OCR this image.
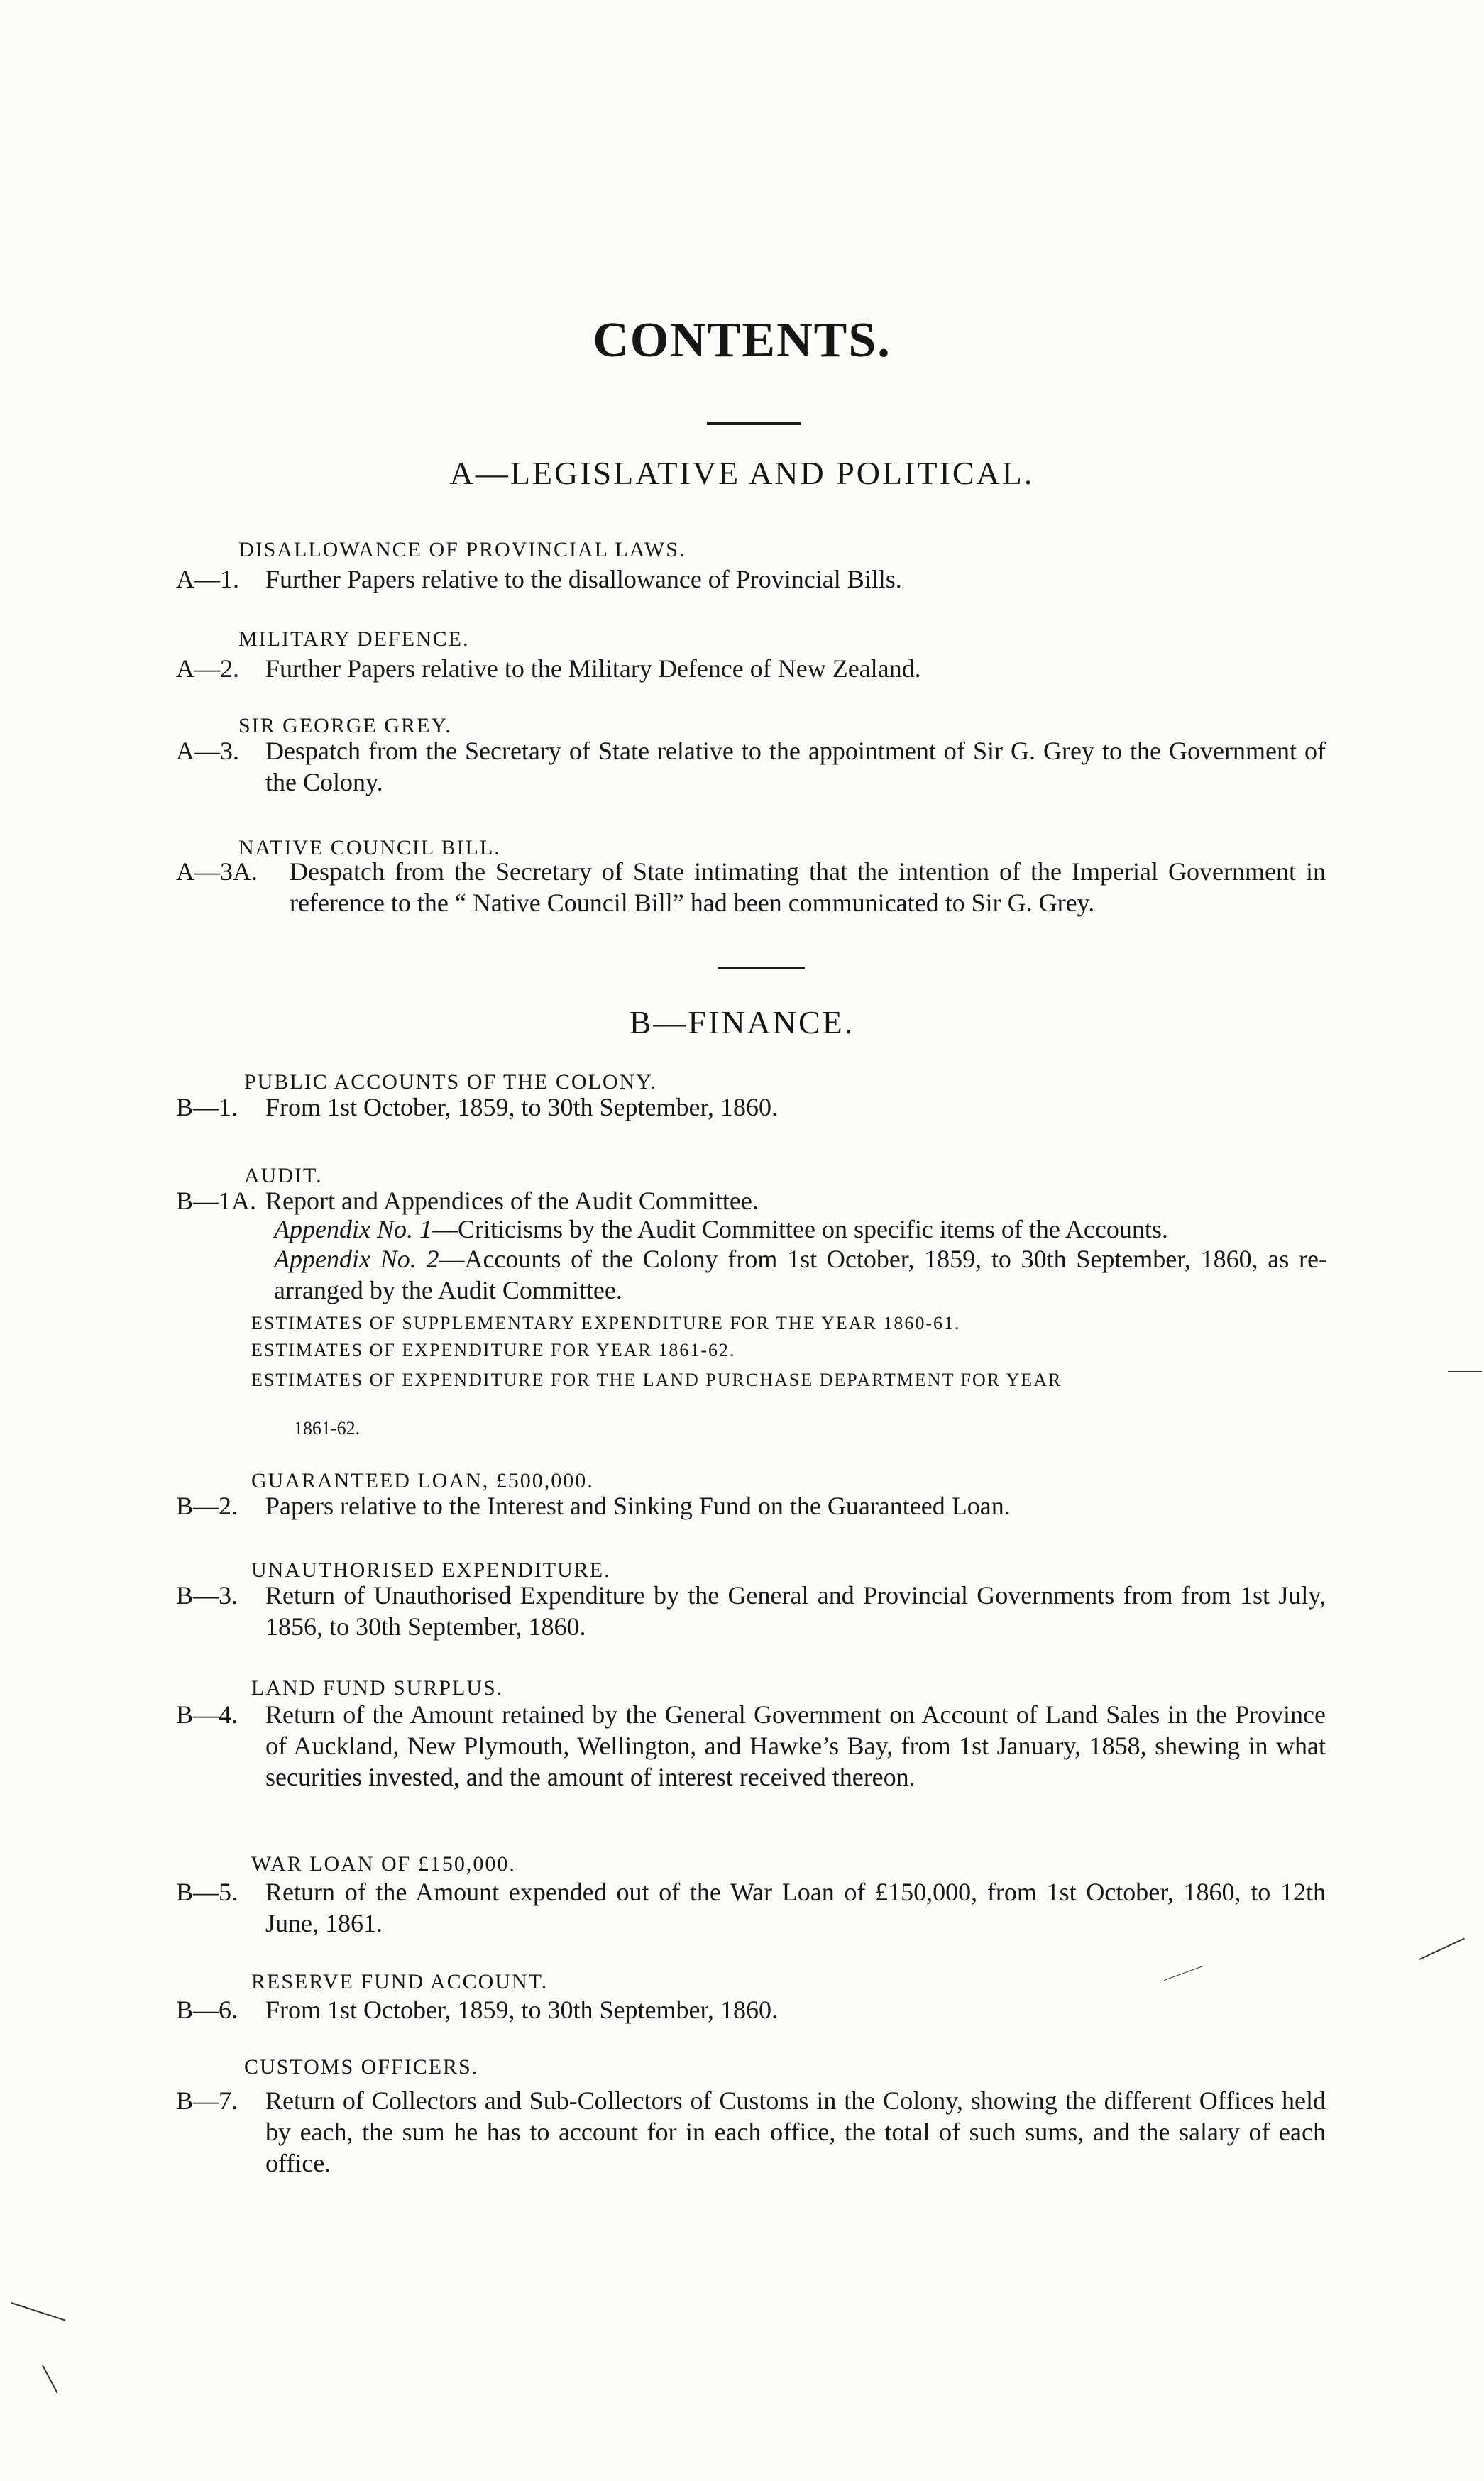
CONTENTS.
A—LEGISLATIVE AND POLITICAL.
DISALLOWANCE OF PROVINCIAL LAWS.
A—1. Further Papers relative to the disallowance of Provincial Bills.
MILITARY DEFENCE.
A—2. Further Papers relative to the Military Defence of New Zealand.
SIR GEORGE GREY.
A—3. Despatch from the Secretary of State relative to the appointment of Sir G. Grey to the Government of the Colony.
NATIVE COUNCIL BILL.
A—3A. Despatch from the Secretary of State intimating that the intention of the Imperial Government in reference to the “ Native Council Bill” had been communicated to Sir G. Grey.
B—FINANCE.
PUBLIC ACCOUNTS OF THE COLONY.
B—1. From 1st October, 1859, to 30th September, 1860.
AUDIT.
B—1A. Report and Appendices of the Audit Committee.
Appendix No. 1—Criticisms by the Audit Committee on specific items of the Accounts.
Appendix No. 2—Accounts of the Colony from 1st October, 1859, to 30th September, 1860, as re-arranged by the Audit Committee.
ESTIMATES OF SUPPLEMENTARY EXPENDITURE FOR THE YEAR 1860-61.
ESTIMATES OF EXPENDITURE FOR YEAR 1861-62.
ESTIMATES OF EXPENDITURE FOR THE LAND PURCHASE DEPARTMENT FOR YEAR
1861-62.
GUARANTEED LOAN, £500,000.
B—2. Papers relative to the Interest and Sinking Fund on the Guaranteed Loan.
UNAUTHORISED EXPENDITURE.
B—3. Return of Unauthorised Expenditure by the General and Provincial Governments from from 1st July, 1856, to 30th September, 1860.
LAND FUND SURPLUS.
B—4. Return of the Amount retained by the General Government on Account of Land Sales in the Province of Auckland, New Plymouth, Wellington, and Hawke’s Bay, from 1st January, 1858, shewing in what securities invested, and the amount of interest received thereon.
WAR LOAN OF £150,000.
B—5. Return of the Amount expended out of the War Loan of £150,000, from 1st October, 1860, to 12th June, 1861.
RESERVE FUND ACCOUNT.
B—6. From 1st October, 1859, to 30th September, 1860.
CUSTOMS OFFICERS.
B—7. Return of Collectors and Sub-Collectors of Customs in the Colony, showing the different Offices held by each, the sum he has to account for in each office, the total of such sums, and the salary of each office.
